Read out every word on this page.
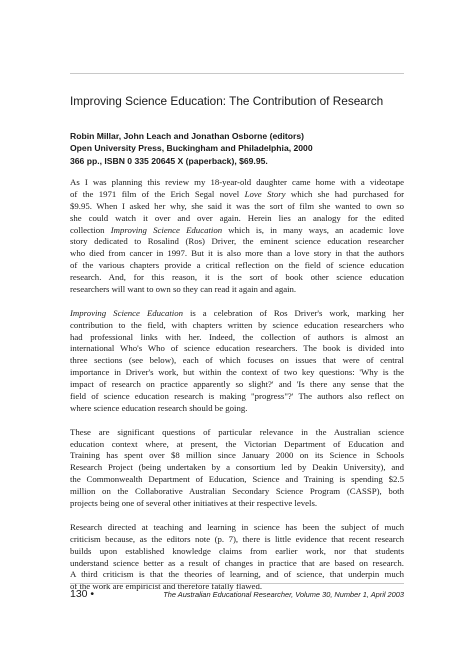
Improving Science Education: The Contribution of Research
Robin Millar, John Leach and Jonathan Osborne (editors)
Open University Press, Buckingham and Philadelphia, 2000
366 pp., ISBN 0 335 20645 X (paperback), $69.95.
As I was planning this review my 18-year-old daughter came home with a videotape
of the 1971 film of the Erich Segal novel Love Story which she had purchased for
$9.95. When I asked her why, she said it was the sort of film she wanted to own so
she could watch it over and over again. Herein lies an analogy for the edited
collection Improving Science Education which is, in many ways, an academic love
story dedicated to Rosalind (Ros) Driver, the eminent science education researcher
who died from cancer in 1997. But it is also more than a love story in that the authors
of the various chapters provide a critical reflection on the field of science education
research. And, for this reason, it is the sort of book other science education
researchers will want to own so they can read it again and again.
Improving Science Education is a celebration of Ros Driver's work, marking her
contribution to the field, with chapters written by science education researchers who
had professional links with her. Indeed, the collection of authors is almost an
international Who's Who of science education researchers. The book is divided into
three sections (see below), each of which focuses on issues that were of central
importance in Driver's work, but within the context of two key questions: 'Why is the
impact of research on practice apparently so slight?' and 'Is there any sense that the
field of science education research is making "progress"?' The authors also reflect on
where science education research should be going.
These are significant questions of particular relevance in the Australian science
education context where, at present, the Victorian Department of Education and
Training has spent over $8 million since January 2000 on its Science in Schools
Research Project (being undertaken by a consortium led by Deakin University), and
the Commonwealth Department of Education, Science and Training is spending $2.5
million on the Collaborative Australian Secondary Science Program (CASSP), both
projects being one of several other initiatives at their respective levels.
Research directed at teaching and learning in science has been the subject of much
criticism because, as the editors note (p. 7), there is little evidence that recent research
builds upon established knowledge claims from earlier work, nor that students
understand science better as a result of changes in practice that are based on research.
A third criticism is that the theories of learning, and of science, that underpin much
of the work are empiricist and therefore fatally flawed.
130 •	The Australian Educational Researcher, Volume 30, Number 1, April 2003
